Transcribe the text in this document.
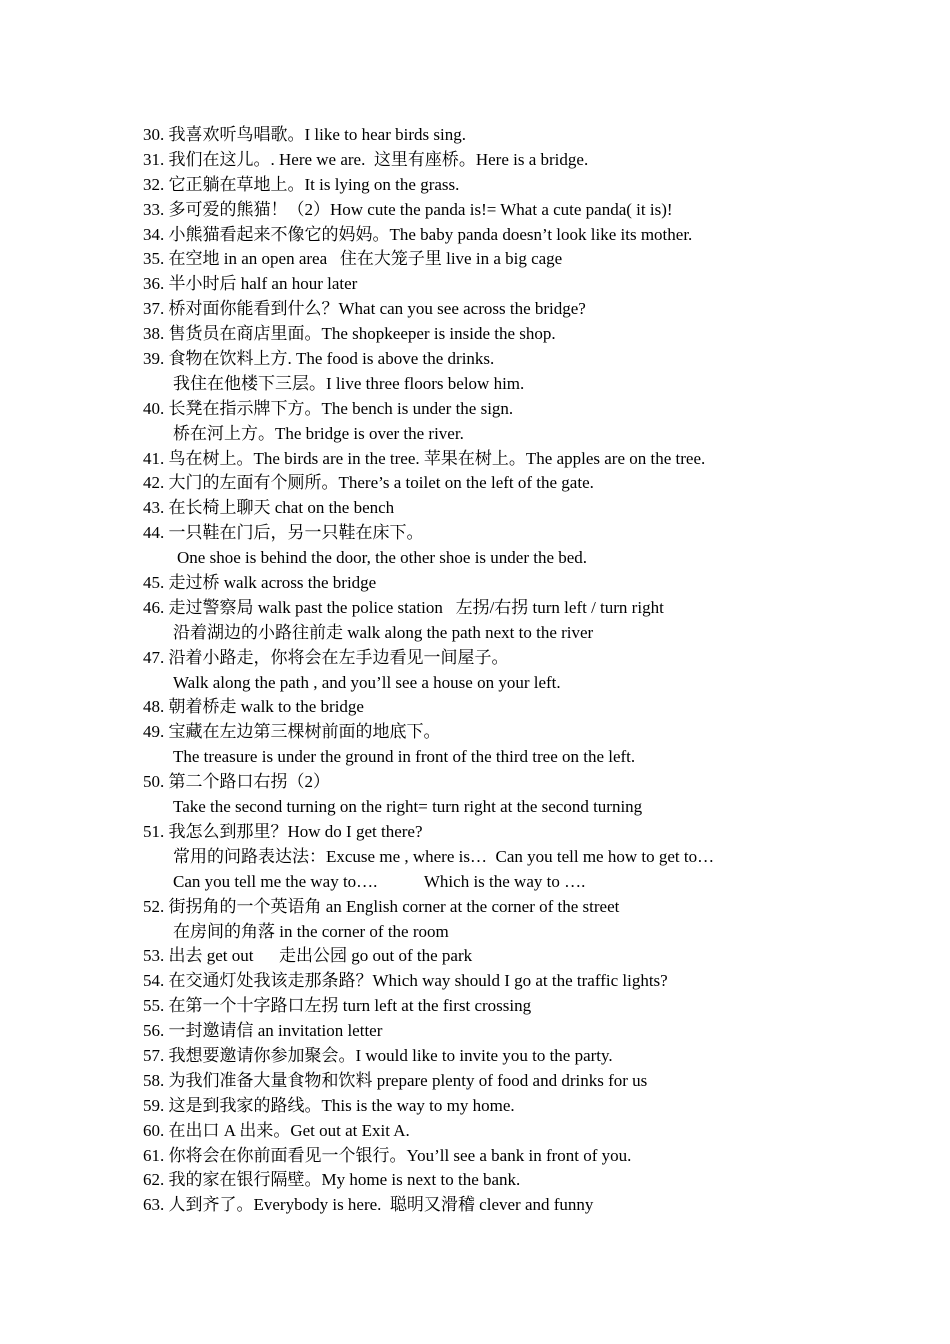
30. 我喜欢听鸟唱歌。I like to hear birds sing.
31. 我们在这儿。. Here we are.  这里有座桥。Here is a bridge.
32. 它正躺在草地上。It is lying on the grass.
33. 多可爱的熊猫！（2）How cute the panda is!= What a cute panda( it is)!
34. 小熊猫看起来不像它的妈妈。The baby panda doesn’t look like its mother.
35. 在空地 in an open area   住在大笼子里 live in a big cage
36. 半小时后 half an hour later
37. 桥对面你能看到什么？What can you see across the bridge?
38. 售货员在商店里面。The shopkeeper is inside the shop.
39. 食物在饮料上方. The food is above the drinks.
我住在他楼下三层。I live three floors below him.
40. 长凳在指示牌下方。The bench is under the sign.
桥在河上方。The bridge is over the river.
41. 鸟在树上。The birds are in the tree. 苹果在树上。The apples are on the tree.
42. 大门的左面有个厕所。There’s a toilet on the left of the gate.
43. 在长椅上聊天 chat on the bench
44. 一只鞋在门后，另一只鞋在床下。
One shoe is behind the door, the other shoe is under the bed.
45. 走过桥 walk across the bridge
46. 走过警察局 walk past the police station   左拐/右拐 turn left / turn right
沿着湖边的小路往前走 walk along the path next to the river
47. 沿着小路走，你将会在左手边看见一间屋子。
Walk along the path , and you’ll see a house on your left.
48. 朝着桥走 walk to the bridge
49. 宝藏在左边第三棵树前面的地底下。
The treasure is under the ground in front of the third tree on the left.
50. 第二个路口右拐（2）
Take the second turning on the right= turn right at the second turning
51. 我怎么到那里？How do I get there?
常用的问路表达法：Excuse me , where is…  Can you tell me how to get to…
Can you tell me the way to….           Which is the way to ….
52. 街拐角的一个英语角 an English corner at the corner of the street
在房间的角落 in the corner of the room
53. 出去 get out      走出公园 go out of the park
54. 在交通灯处我该走那条路？Which way should I go at the traffic lights?
55. 在第一个十字路口左拐 turn left at the first crossing
56. 一封邀请信 an invitation letter
57. 我想要邀请你参加聚会。I would like to invite you to the party.
58. 为我们准备大量食物和饮料 prepare plenty of food and drinks for us
59. 这是到我家的路线。This is the way to my home.
60. 在出口 A 出来。Get out at Exit A.
61. 你将会在你前面看见一个银行。You’ll see a bank in front of you.
62. 我的家在银行隔壁。My home is next to the bank.
63. 人到齐了。Everybody is here.  聪明又滑稽 clever and funny
